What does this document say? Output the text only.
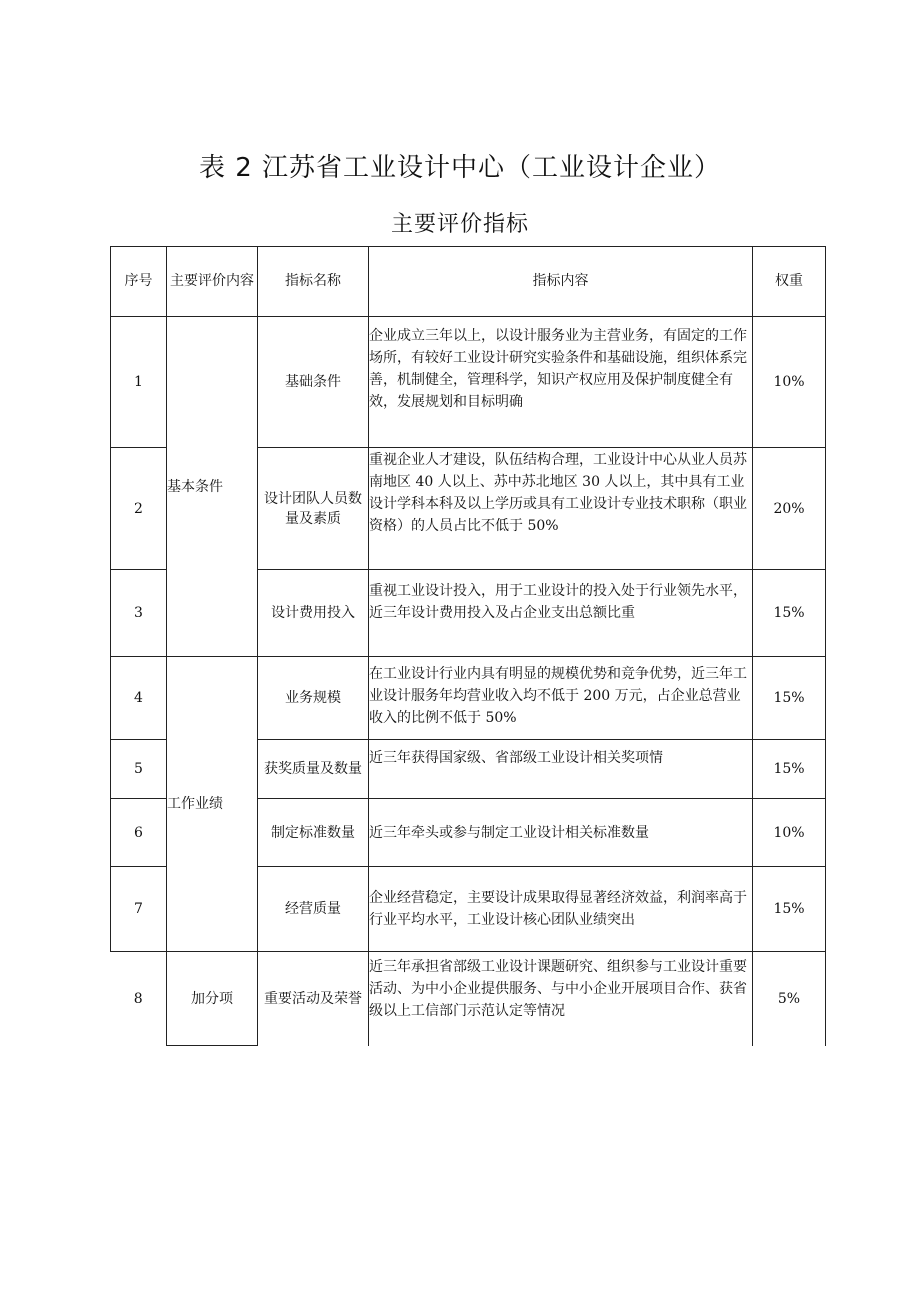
表 2 江苏省工业设计中心（工业设计企业）
主要评价指标
序号	主要评价内容	指标名称	指标内容	权重
1	基本条件	基础条件	企业成立三年以上，以设计服务业为主营业务，有固定的工作场所，有较好工业设计研究实验条件和基础设施，组织体系完善，机制健全，管理科学，知识产权应用及保护制度健全有效，发展规划和目标明确	10%
2		设计团队人员数量及素质	重视企业人才建设，队伍结构合理，工业设计中心从业人员苏南地区 40 人以上、苏中苏北地区 30 人以上，其中具有工业设计学科本科及以上学历或具有工业设计专业技术职称（职业资格）的人员占比不低于 50%	20%
3		设计费用投入	重视工业设计投入，用于工业设计的投入处于行业领先水平，近三年设计费用投入及占企业支出总额比重	15%
4	工作业绩	业务规模	在工业设计行业内具有明显的规模优势和竞争优势，近三年工业设计服务年均营业收入均不低于 200 万元，占企业总营业收入的比例不低于 50%	15%
5		获奖质量及数量	近三年获得国家级、省部级工业设计相关奖项情	15%
6		制定标准数量	近三年牵头或参与制定工业设计相关标准数量	10%
7		经营质量	企业经营稳定，主要设计成果取得显著经济效益，利润率高于行业平均水平，工业设计核心团队业绩突出	15%
8	加分项	重要活动及荣誉	近三年承担省部级工业设计课题研究、组织参与工业设计重要活动、为中小企业提供服务、与中小企业开展项目合作、获省级以上工信部门示范认定等情况	5%
